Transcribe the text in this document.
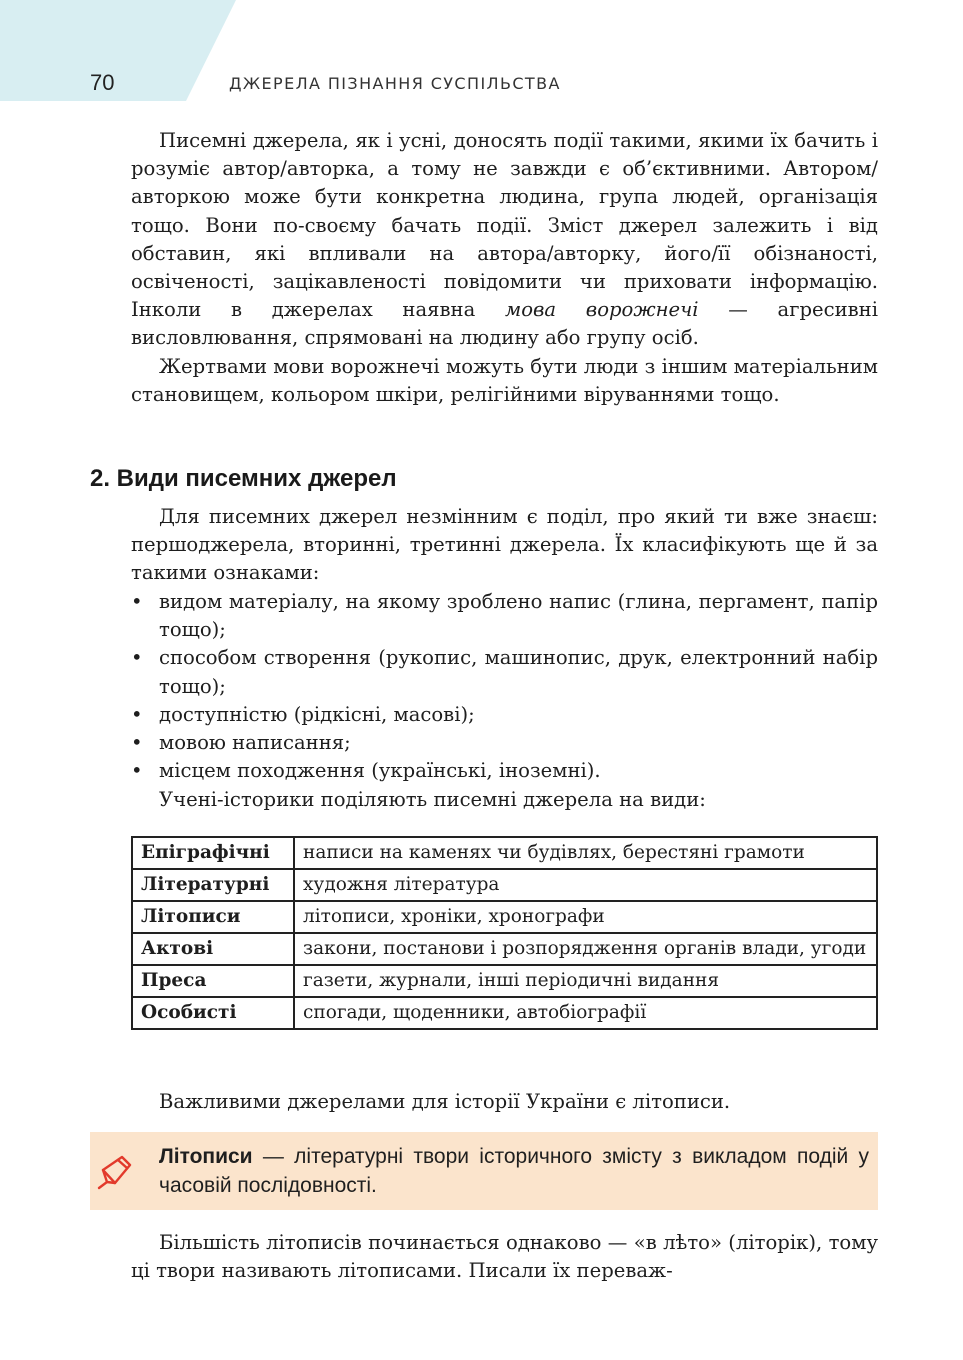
70	ДЖЕРЕЛА ПІЗНАННЯ СУСПІЛЬСТВА

Писемні джерела, як і усні, доносять події такими, якими їх бачить і розуміє автор/авторка, а тому не завжди є об’єктивними. Автором/авторкою може бути конкретна людина, група людей, організація тощо. Вони по-своєму бачать події. Зміст джерел залежить і від обставин, які впливали на автора/авторку, його/її обізнаності, освіченості, зацікавленості повідомити чи приховати інформацію. Інколи в джерелах наявна мова ворожнечі — агресивні висловлювання, спрямовані на людину або групу осіб.

Жертвами мови ворожнечі можуть бути люди з іншим матеріальним становищем, кольором шкіри, релігійними віруваннями тощо.

2. Види писемних джерел

Для писемних джерел незмінним є поділ, про який ти вже знаєш: першоджерела, вторинні, третинні джерела. Їх класифікують ще й за такими ознаками:

• видом матеріалу, на якому зроблено напис (глина, пергамент, папір тощо);
• способом створення (рукопис, машинопис, друк, електронний набір тощо);
• доступністю (рідкісні, масові);
• мовою написання;
• місцем походження (українські, іноземні).

Учені-історики поділяють писемні джерела на види:

Епіграфічні	написи на каменях чи будівлях, берестяні грамоти
Літературні	художня література
Літописи	літописи, хроніки, хронографи
Актові	закони, постанови і розпорядження органів влади, угоди
Преса	газети, журнали, інші періодичні видання
Особисті	спогади, щоденники, автобіографії

Важливими джерелами для історії України є літописи.

Літописи — літературні твори історичного змісту з викладом подій у часовій послідовності.

Більшість літописів починається однаково — «в лѣто» (літорік), тому ці твори називають літописами. Писали їх переваж-
